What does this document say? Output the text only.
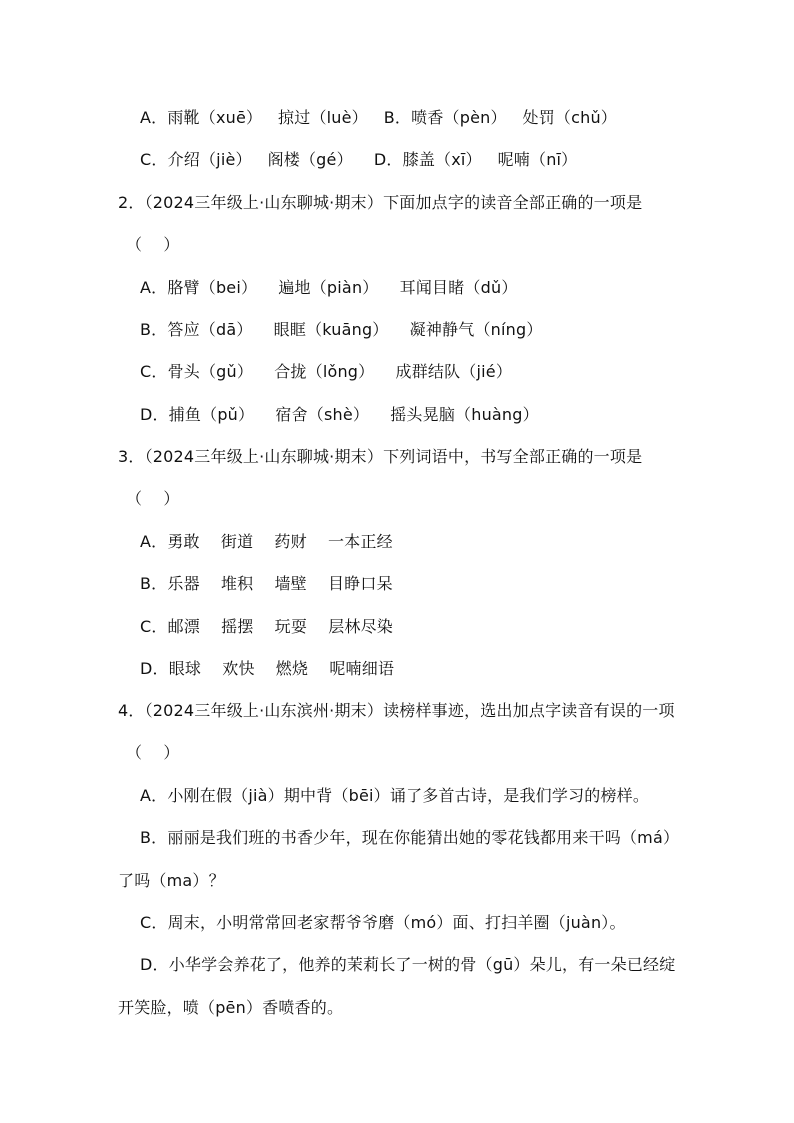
A．雨靴（xuē）   掠过（luè）   B．喷香（pèn）   处罚（chǔ）
C．介绍（jiè）   阁楼（gé）    D．膝盖（xī）   呢喃（nī）
2．（2024三年级上·山东聊城·期末）下面加点字的读音全部正确的一项是
（    ）
A．胳臂（bei）    遍地（piàn）    耳闻目睹（dǔ）
B．答应（dā）    眼眶（kuāng）    凝神静气（níng）
C．骨头（gǔ）    合拢（lǒng）    成群结队（jié）
D．捕鱼（pǔ）    宿舍（shè）    摇头晃脑（huàng）
3．（2024三年级上·山东聊城·期末）下列词语中，书写全部正确的一项是
（    ）
A．勇敢    街道    药财    一本正经
B．乐器    堆积    墙壁    目睁口呆
C．邮漂    摇摆    玩耍    层林尽染
D．眼球    欢快    燃烧    呢喃细语
4．（2024三年级上·山东滨州·期末）读榜样事迹，选出加点字读音有误的一项
（    ）
A．小刚在假（jià）期中背（bēi）诵了多首古诗，是我们学习的榜样。
B．丽丽是我们班的书香少年，现在你能猜出她的零花钱都用来干吗（má）
了吗（ma）？
C．周末，小明常常回老家帮爷爷磨（mó）面、打扫羊圈（juàn）。
D．小华学会养花了，他养的茉莉长了一树的骨（gū）朵儿，有一朵已经绽
开笑脸，喷（pēn）香喷香的。
